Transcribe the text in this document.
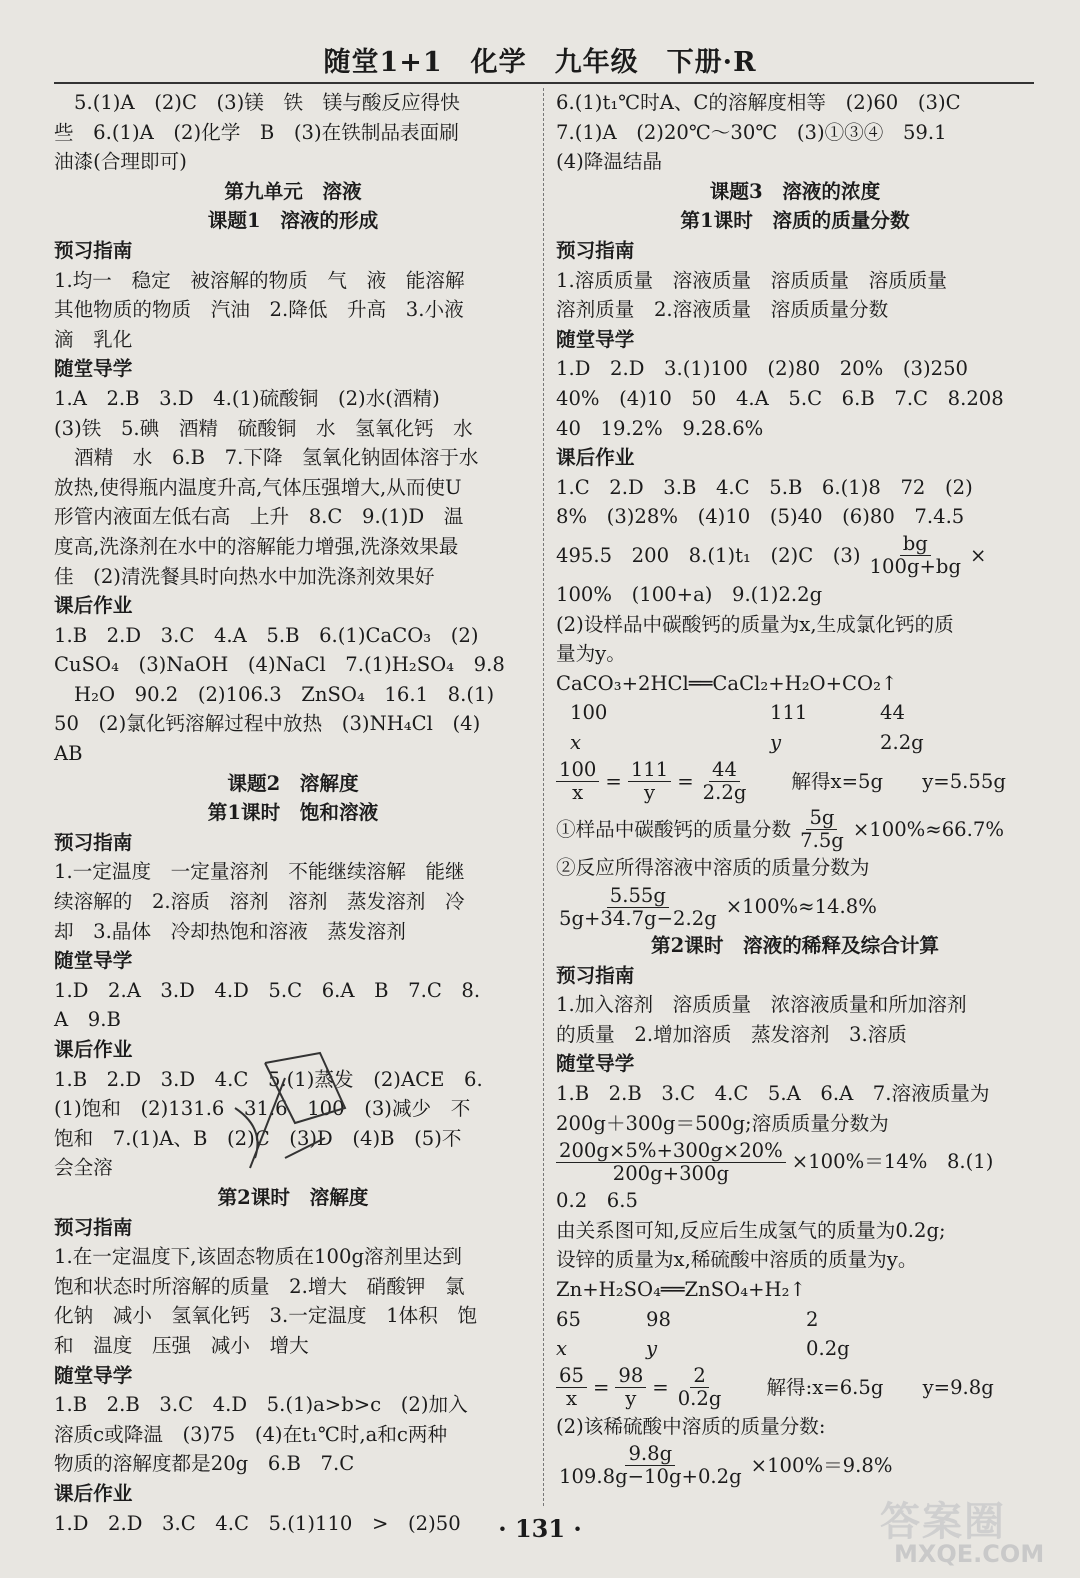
随堂1+1　化学　九年级　下册·R
5.(1)A　(2)C　(3)镁　铁　镁与酸反应得快
些　6.(1)A　(2)化学　B　(3)在铁制品表面刷
油漆(合理即可)
第九单元　溶液
课题1　溶液的形成
预习指南
1.均一　稳定　被溶解的物质　气　液　能溶解
其他物质的物质　汽油　2.降低　升高　3.小液
滴　乳化
随堂导学
1.A　2.B　3.D　4.(1)硫酸铜　(2)水(酒精)
(3)铁　5.碘　酒精　硫酸铜　水　氢氧化钙　水
酒精　水　6.B　7.下降　氢氧化钠固体溶于水
放热,使得瓶内温度升高,气体压强增大,从而使U
形管内液面左低右高　上升　8.C　9.(1)D　温
度高,洗涤剂在水中的溶解能力增强,洗涤效果最
佳　(2)清洗餐具时向热水中加洗涤剂效果好
课后作业
1.B　2.D　3.C　4.A　5.B　6.(1)CaCO₃　(2)
CuSO₄　(3)NaOH　(4)NaCl　7.(1)H₂SO₄　9.8
H₂O　90.2　(2)106.3　ZnSO₄　16.1　8.(1)
50　(2)氯化钙溶解过程中放热　(3)NH₄Cl　(4)
AB
课题2　溶解度
第1课时　饱和溶液
预习指南
1.一定温度　一定量溶剂　不能继续溶解　能继
续溶解的　2.溶质　溶剂　溶剂　蒸发溶剂　冷
却　3.晶体　冷却热饱和溶液　蒸发溶剂
随堂导学
1.D　2.A　3.D　4.D　5.C　6.A　B　7.C　8.
A　9.B
课后作业
1.B　2.D　3.D　4.C　5.(1)蒸发　(2)ACE　6.
(1)饱和　(2)131.6　31.6　100　(3)减少　不
饱和　7.(1)A、B　(2)C　(3)D　(4)B　(5)不
会全溶
第2课时　溶解度
预习指南
1.在一定温度下,该固态物质在100g溶剂里达到
饱和状态时所溶解的质量　2.增大　硝酸钾　氯
化钠　减小　氢氧化钙　3.一定温度　1体积　饱
和　温度　压强　减小　增大
随堂导学
1.B　2.B　3.C　4.D　5.(1)a>b>c　(2)加入
溶质c或降温　(3)75　(4)在t₁℃时,a和c两种
物质的溶解度都是20g　6.B　7.C
课后作业
1.D　2.D　3.C　4.C　5.(1)110　>　(2)50
6.(1)t₁℃时A、C的溶解度相等　(2)60　(3)C
7.(1)A　(2)20℃～30℃　(3)①③④　59.1
(4)降温结晶
课题3　溶液的浓度
第1课时　溶质的质量分数
预习指南
1.溶质质量　溶液质量　溶质质量　溶质质量
溶剂质量　2.溶液质量　溶质质量分数
随堂导学
1.D　2.D　3.(1)100　(2)80　20%　(3)250
40%　(4)10　50　4.A　5.C　6.B　7.C　8.208
40　19.2%　9.28.6%
课后作业
1.C　2.D　3.B　4.C　5.B　6.(1)8　72　(2)
8%　(3)28%　(4)10　(5)40　(6)80　7.4.5
495.5　200　8.(1)t₁　(2)C　$(3) \frac{bg}{100g+bg}$ ×
100%　(100+a)　9.(1)2.2g
(2)设样品中碳酸钙的质量为x,生成氯化钙的质
量为y。
CaCO₃+2HCl══CaCl₂+H₂O+CO₂↑
100	111	44
x	y	2.2g
$\frac{100}{x} = \frac{111}{y} = \frac{44}{2.2g}$ 解得x=5g　　y=5.55g
①样品中碳酸钙的质量分数 $\frac{5g}{7.5g} \times 100\%\approx 66.7\%$
②反应所得溶液中溶质的质量分数为
$\frac{5.55g}{5g+34.7g-2.2g} \times 100\%\approx 14.8\%$
第2课时　溶液的稀释及综合计算
预习指南
1.加入溶剂　溶质质量　浓溶液质量和所加溶剂
的质量　2.增加溶质　蒸发溶剂　3.溶质
随堂导学
1.B　2.B　3.C　4.C　5.A　6.A　7.溶液质量为
200g＋300g＝500g;溶质质量分数为
$\frac{200g\times 5\%+300g\times 20\%}{200g+300g} \times 100\%=14\%$　8.(1)
0.2　6.5
由关系图可知,反应后生成氢气的质量为0.2g;
设锌的质量为x,稀硫酸中溶质的质量为y。
Zn+H₂SO₄══ZnSO₄+H₂↑
65	98	2
x	y	0.2g
$\frac{65}{x} = \frac{98}{y} = \frac{2}{0.2g}$ 解得:x=6.5g　　y=9.8g
(2)该稀硫酸中溶质的质量分数:
$\frac{9.8g}{109.8g-10g+0.2g} \times 100\%=9.8\%$
· 131 ·	答案圈
MXQE.COM
